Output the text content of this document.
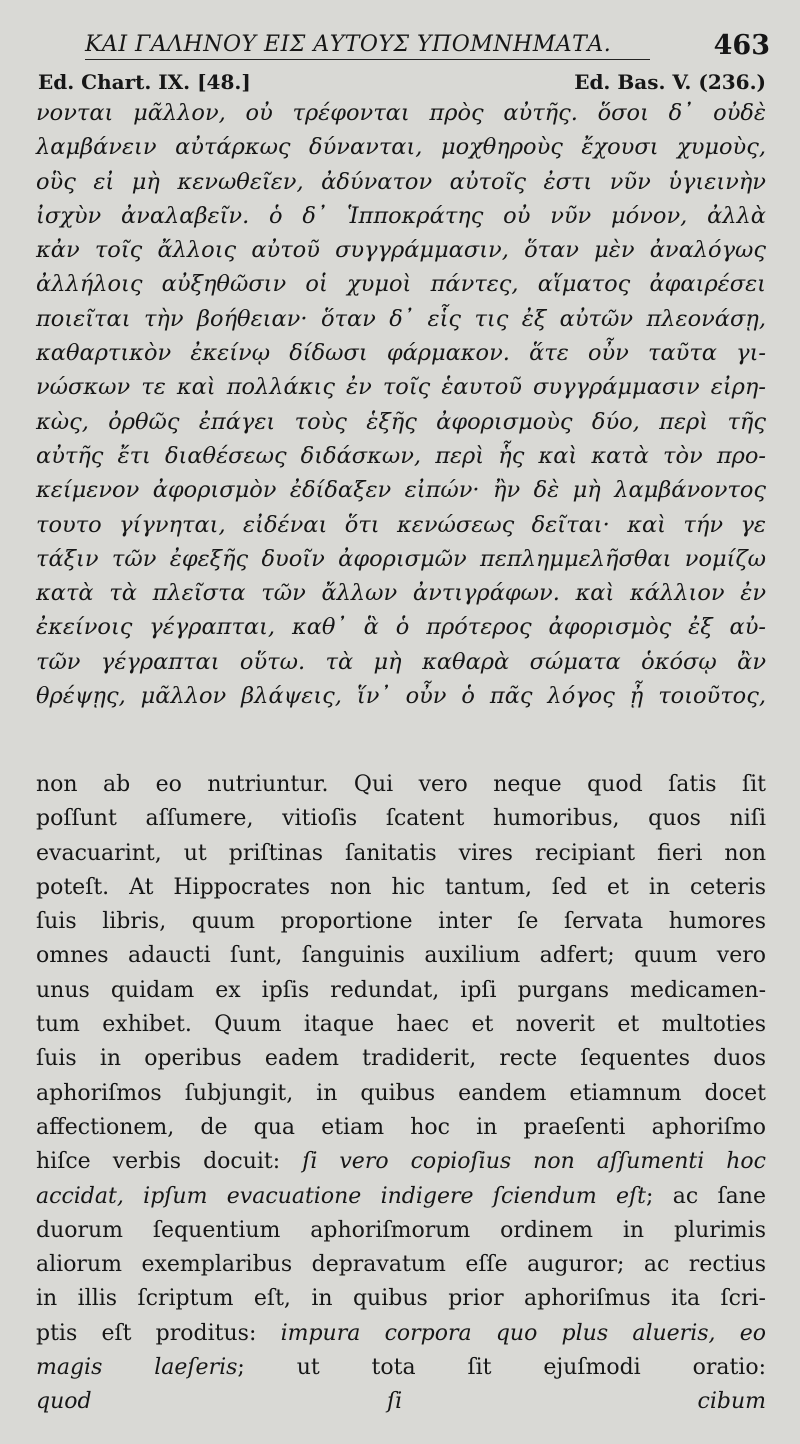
ΚΑΙ ΓΑΛΗΝΟΥ ΕΙΣ ΑΥΤΟΥΣ ΥΠΟΜΝΗΜΑΤΑ.	463
Ed. Chart. IX. [48.]	Ed. Bas. V. (236.)
νονται μᾶλλον, οὐ τρέφονται πρὸς αὐτῆς. ὅσοι δ᾽ οὐδὲ
λαμβάνειν αὐτάρκως δύνανται, μοχθηροὺς ἔχουσι χυμοὺς,
οὓς εἰ μὴ κενωθεῖεν, ἀδύνατον αὐτοῖς ἐστι νῦν ὑγιεινὴν
ἰσχὺν ἀναλαβεῖν. ὁ δ᾽ Ἱπποκράτης οὐ νῦν μόνον, ἀλλὰ
κἀν τοῖς ἄλλοις αὐτοῦ συγγράμμασιν, ὅταν μὲν ἀναλόγως
ἀλλήλοις αὐξηθῶσιν οἱ χυμοὶ πάντες, αἵματος ἀφαιρέσει
ποιεῖται τὴν βοήθειαν· ὅταν δ᾽ εἷς τις ἐξ αὐτῶν πλεονάσῃ,
καθαρτικὸν ἐκείνῳ δίδωσι φάρμακον. ἅτε οὖν ταῦτα γι-
νώσκων τε καὶ πολλάκις ἐν τοῖς ἑαυτοῦ συγγράμμασιν εἰρη-
κὼς, ὀρθῶς ἐπάγει τοὺς ἑξῆς ἀφορισμοὺς δύο, περὶ τῆς
αὐτῆς ἔτι διαθέσεως διδάσκων, περὶ ἧς καὶ κατὰ τὸν προ-
κείμενον ἀφορισμὸν ἐδίδαξεν εἰπών· ἢν δὲ μὴ λαμβάνοντος
τουτο γίγνηται, εἰδέναι ὅτι κενώσεως δεῖται· καὶ τήν γε
τάξιν τῶν ἐφεξῆς δυοῖν ἀφορισμῶν πεπλημμελῆσθαι νομίζω
κατὰ τὰ πλεῖστα τῶν ἄλλων ἀντιγράφων. καὶ κάλλιον ἐν
ἐκείνοις γέγραπται, καθ᾽ ἃ ὁ πρότερος ἀφορισμὸς ἐξ αὐ-
τῶν γέγραπται οὕτω. τὰ μὴ καθαρὰ σώματα ὁκόσῳ ἂν
θρέψῃς, μᾶλλον βλάψεις, ἵν᾽ οὖν ὁ πᾶς λόγος ᾖ τοιοῦτος,
non ab eo nutriuntur. Qui vero neque quod ſatis ſit
poſſunt aſſumere, vitioſis ſcatent humoribus, quos niſi
evacuarint, ut priſtinas ſanitatis vires recipiant fieri non
poteſt. At Hippocrates non hic tantum, ſed et in ceteris
ſuis libris, quum proportione inter ſe ſervata humores
omnes adaucti ſunt, ſanguinis auxilium adfert; quum vero
unus quidam ex ipſis redundat, ipſi purgans medicamen-
tum exhibet. Quum itaque haec et noverit et multoties
ſuis in operibus eadem tradiderit, recte ſequentes duos
aphoriſmos ſubjungit, in quibus eandem etiamnum docet
affectionem, de qua etiam hoc in praeſenti aphoriſmo
hiſce verbis docuit: ſi vero copioſius non aſſumenti hoc
accidat, ipſum evacuatione indigere ſciendum eſt; ac ſane
duorum ſequentium aphoriſmorum ordinem in plurimis
aliorum exemplaribus depravatum eſſe auguror; ac rectius
in illis ſcriptum eſt, in quibus prior aphoriſmus ita ſcri-
ptis eſt proditus: impura corpora quo plus alueris, eo
magis laeſeris; ut tota ſit ejuſmodi oratio:
quod ſi cibum
